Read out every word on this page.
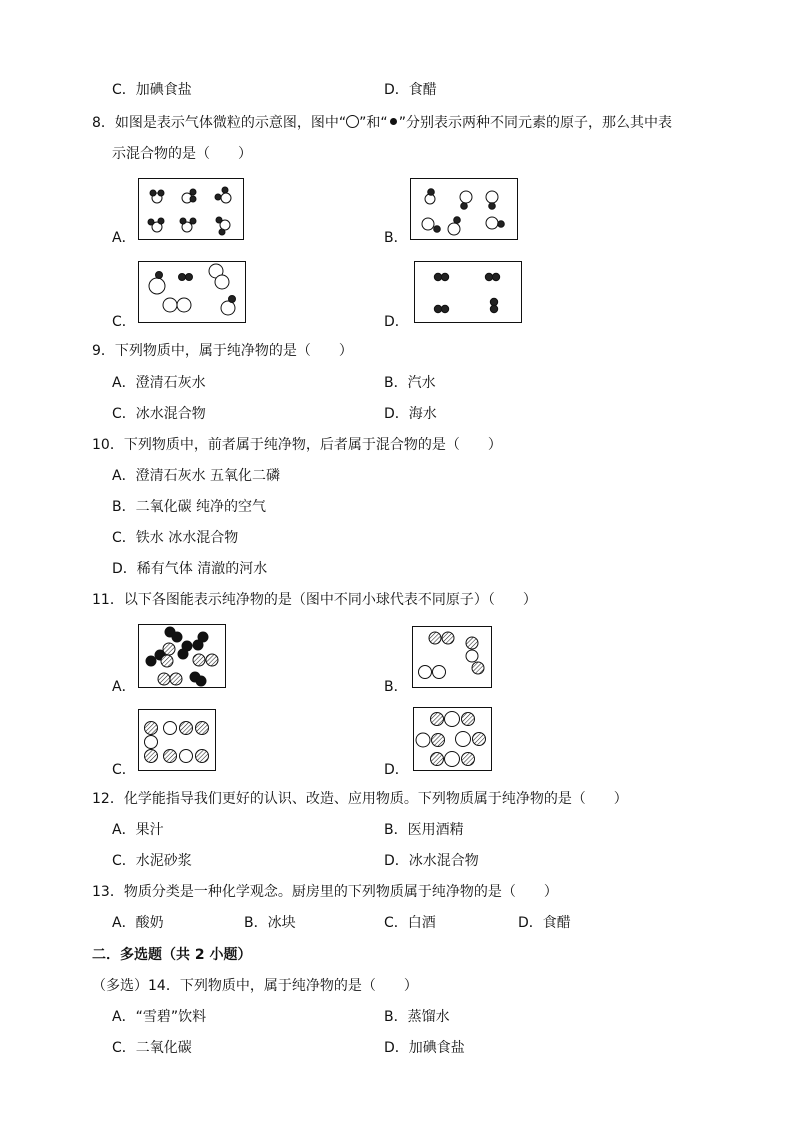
C．加碘食盐	D．食醋
8．如图是表示气体微粒的示意图，图中“ ”和“ ”分别表示两种不同元素的原子，那么其中表
示混合物的是（　　）
A．	B．
C．	D．
9．下列物质中，属于纯净物的是（　　）
A．澄清石灰水	B．汽水
C．冰水混合物	D．海水
10．下列物质中，前者属于纯净物，后者属于混合物的是（　　）
A．澄清石灰水 五氧化二磷
B．二氧化碳 纯净的空气
C．铁水 冰水混合物
D．稀有气体 清澈的河水
11．以下各图能表示纯净物的是（图中不同小球代表不同原子）（　　）
A．	B．
C．	D．
12．化学能指导我们更好的认识、改造、应用物质。下列物质属于纯净物的是（　　）
A．果汁	B．医用酒精
C．水泥砂浆	D．冰水混合物
13．物质分类是一种化学观念。厨房里的下列物质属于纯净物的是（　　）
A．酸奶	B．冰块	C．白酒	D．食醋
二．多选题（共 2 小题）
（多选）14．下列物质中，属于纯净物的是（　　）
A．“雪碧”饮料	B．蒸馏水
C．二氧化碳	D．加碘食盐
